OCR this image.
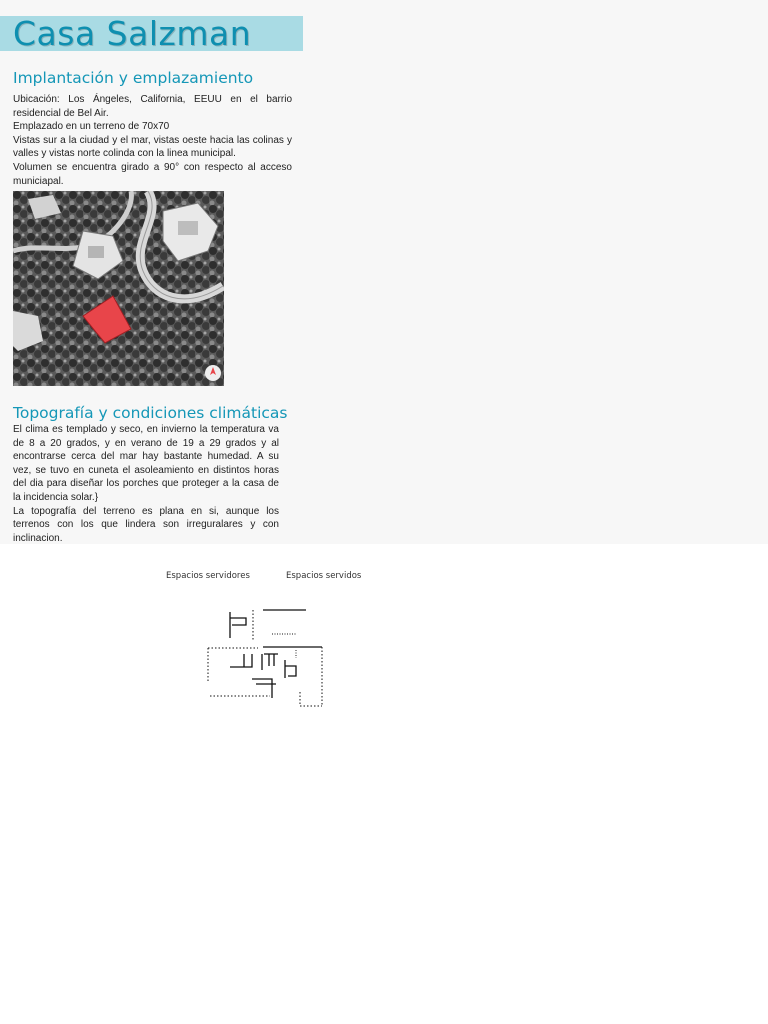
Casa Salzman
Implantación y emplazamiento

Ubicación: Los Ángeles, California, EEUU en el barrio residencial de Bel Air.

Emplazado en un terreno de 70x70

Vistas sur a la ciudad y el mar, vistas oeste hacia las colinas y valles y vistas norte colinda con la linea municipal.

Volumen se encuentra girado a 90° con respecto al acceso municiapal.

Topografía y condiciones climáticas

El clima es templado y seco, en invierno la temperatura va de 8 a 20 grados, y en verano de 19 a 29 grados y al encontrarse cerca del mar hay bastante humedad. A su vez, se tuvo en cuneta el asoleamiento en distintos horas del dia para diseñar los porches que proteger a la casa de la incidencia solar.}

La topografía del terreno es plana en si, aunque los terrenos con los que lindera son irreguralares y con inclinacion.

Espacios servidores	Espacios servidos
